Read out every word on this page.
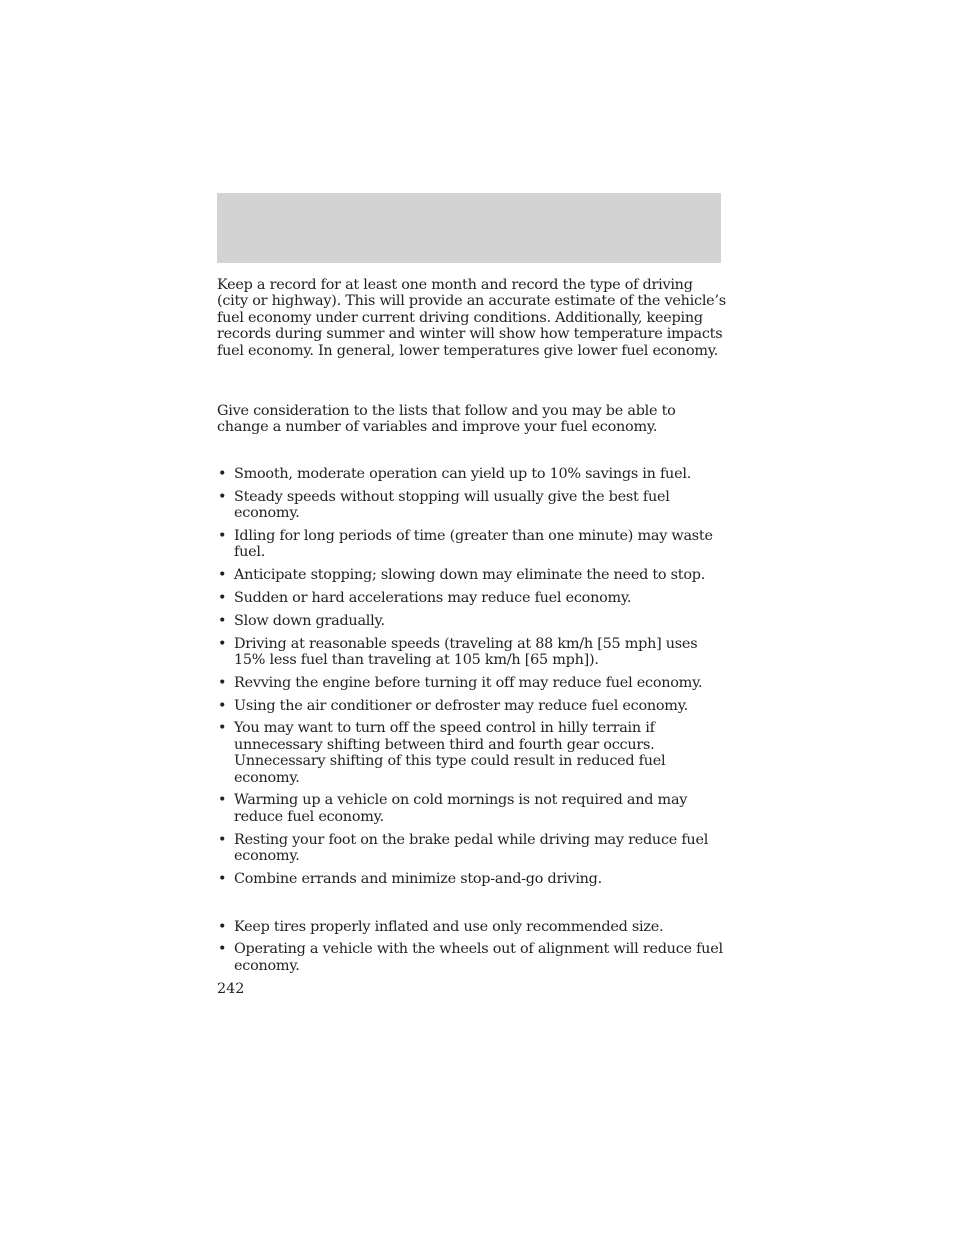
Keep a record for at least one month and record the type of driving (city or highway). This will provide an accurate estimate of the vehicle’s fuel economy under current driving conditions. Additionally, keeping records during summer and winter will show how temperature impacts fuel economy. In general, lower temperatures give lower fuel economy.

Give consideration to the lists that follow and you may be able to change a number of variables and improve your fuel economy.

• Smooth, moderate operation can yield up to 10% savings in fuel.
• Steady speeds without stopping will usually give the best fuel economy.
• Idling for long periods of time (greater than one minute) may waste fuel.
• Anticipate stopping; slowing down may eliminate the need to stop.
• Sudden or hard accelerations may reduce fuel economy.
• Slow down gradually.
• Driving at reasonable speeds (traveling at 88 km/h [55 mph] uses 15% less fuel than traveling at 105 km/h [65 mph]).
• Revving the engine before turning it off may reduce fuel economy.
• Using the air conditioner or defroster may reduce fuel economy.
• You may want to turn off the speed control in hilly terrain if unnecessary shifting between third and fourth gear occurs. Unnecessary shifting of this type could result in reduced fuel economy.
• Warming up a vehicle on cold mornings is not required and may reduce fuel economy.
• Resting your foot on the brake pedal while driving may reduce fuel economy.
• Combine errands and minimize stop-and-go driving.
• Keep tires properly inflated and use only recommended size.
• Operating a vehicle with the wheels out of alignment will reduce fuel economy.
242
